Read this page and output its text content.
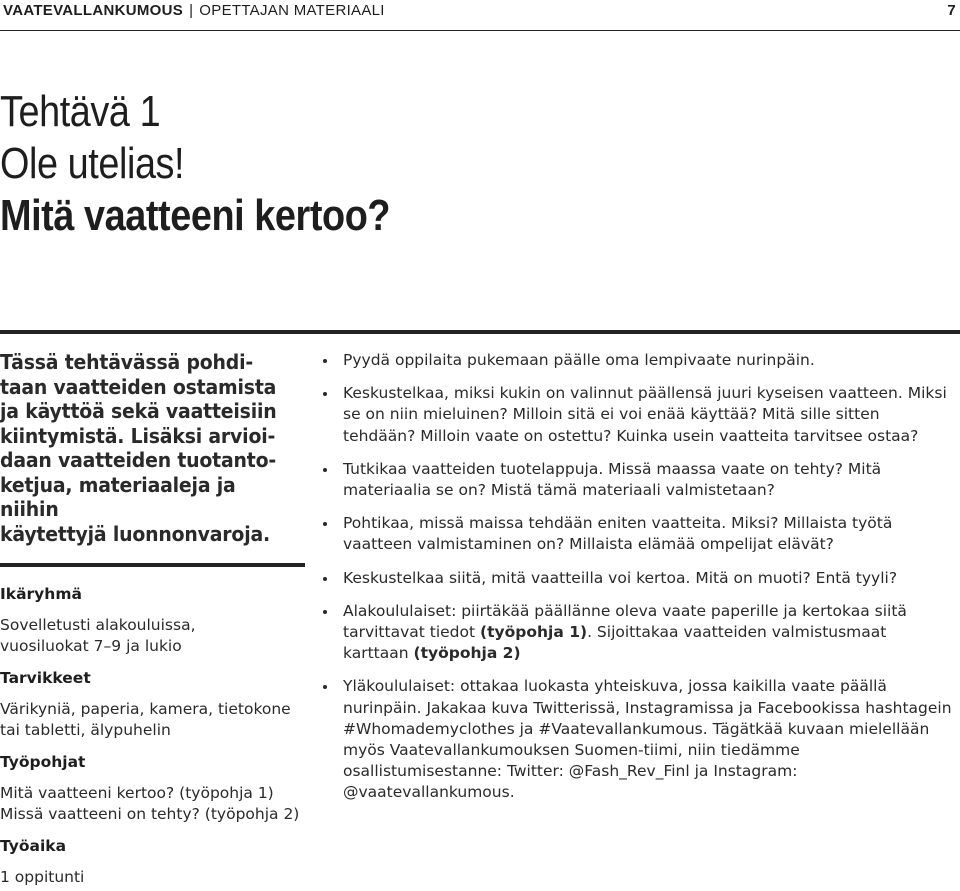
VAATEVALLANKUMOUS | OPETTAJAN MATERIAALI	7
Tehtävä 1
Ole utelias!
Mitä vaatteeni kertoo?
Tässä tehtävässä pohdi-
taan vaatteiden ostamista
ja käyttöä sekä vaatteisiin
kiintymistä. Lisäksi arvioi-
daan vaatteiden tuotanto-
ketjua, materiaaleja ja niihin
käytettyjä luonnonvaroja.
Ikäryhmä
Sovelletusti alakouluissa,
vuosiluokat 7–9 ja lukio
Tarvikkeet
Värikyniä, paperia, kamera, tietokone
tai tabletti, älypuhelin
Työpohjat
Mitä vaatteeni kertoo? (työpohja 1)
Missä vaatteeni on tehty? (työpohja 2)
Työaika
1 oppitunti
Pyydä oppilaita pukemaan päälle oma lempivaate nurinpäin.
Keskustelkaa, miksi kukin on valinnut päällensä juuri kyseisen vaatteen. Miksi se on niin mieluinen? Milloin sitä ei voi enää käyttää? Mitä sille sitten tehdään? Milloin vaate on ostettu? Kuinka usein vaatteita tarvitsee ostaa?
Tutkikaa vaatteiden tuotelappuja. Missä maassa vaate on tehty? Mitä materiaalia se on? Mistä tämä materiaali valmistetaan?
Pohtikaa, missä maissa tehdään eniten vaatteita. Miksi? Millaista työtä vaatteen valmistaminen on? Millaista elämää ompelijat elävät?
Keskustelkaa siitä, mitä vaatteilla voi kertoa. Mitä on muoti? Entä tyyli?
Alakoululaiset: piirtäkää päällänne oleva vaate paperille ja kertokaa siitä tarvittavat tiedot (työpohja 1). Sijoittakaa vaatteiden valmistusmaat karttaan (työpohja 2)
Yläkoululaiset: ottakaa luokasta yhteiskuva, jossa kaikilla vaate päällä nurinpäin. Jakakaa kuva Twitterissä, Instagramissa ja Facebookissa hashtagein #Whomademyclothes ja #Vaatevallankumous. Tägätkää kuvaan mielellään myös Vaatevallankumouksen Suomen-tiimi, niin tiedämme osallistumisestanne: Twitter: @Fash_Rev_Finl ja Instagram: @vaatevallankumous.
